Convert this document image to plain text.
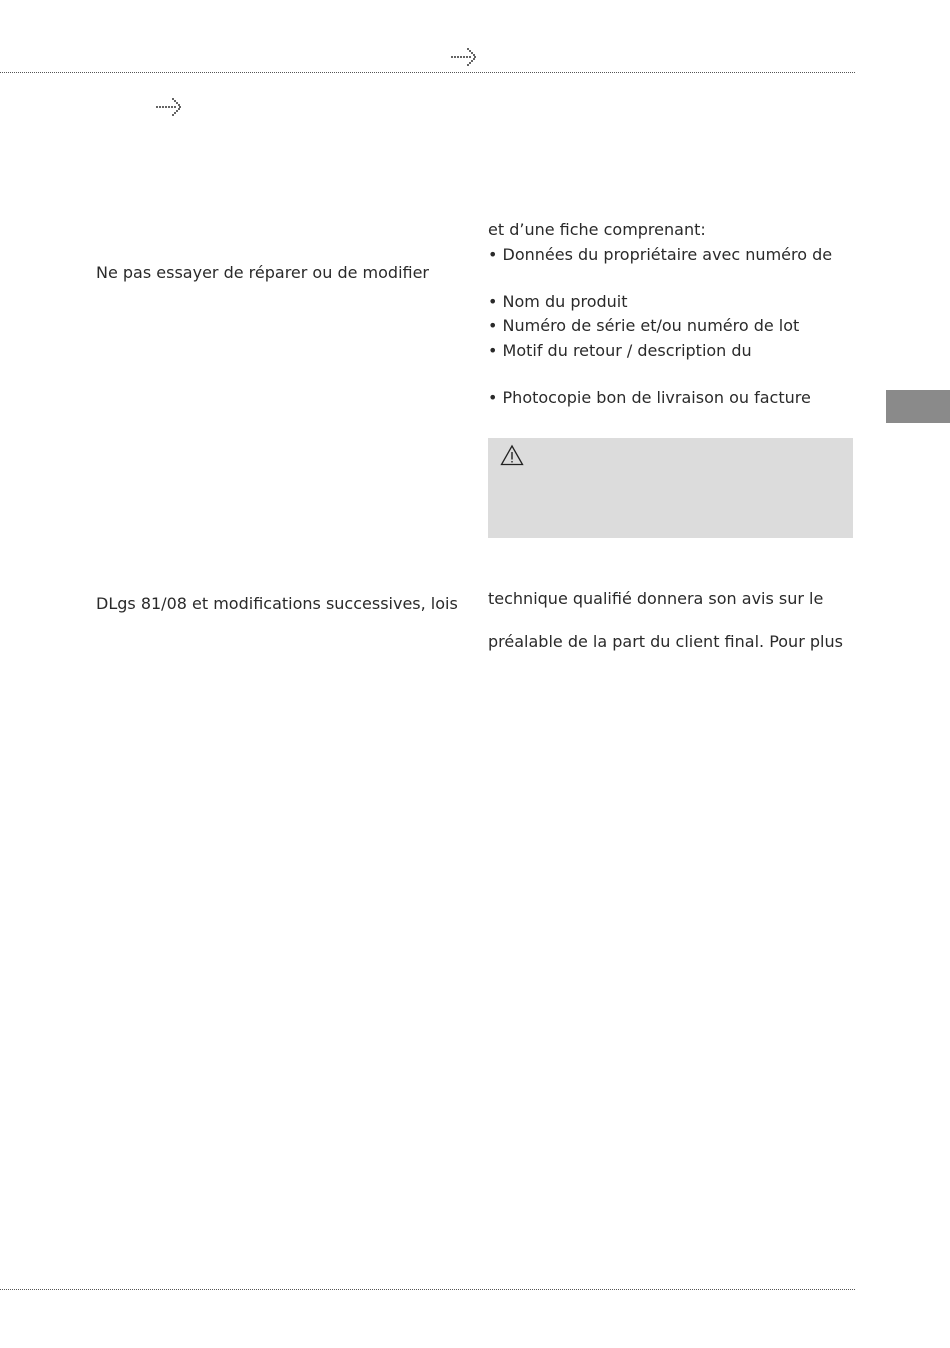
Ne pas essayer de réparer ou de modifier
DLgs 81/08 et modifications successives, lois
et d’une fiche comprenant:
• Données du propriétaire avec numéro de
• Nom du produit
• Numéro de série et/ou numéro de lot
• Motif du retour / description du
• Photocopie bon de livraison ou facture
technique qualifié donnera son avis sur le
préalable de la part du client final. Pour plus
